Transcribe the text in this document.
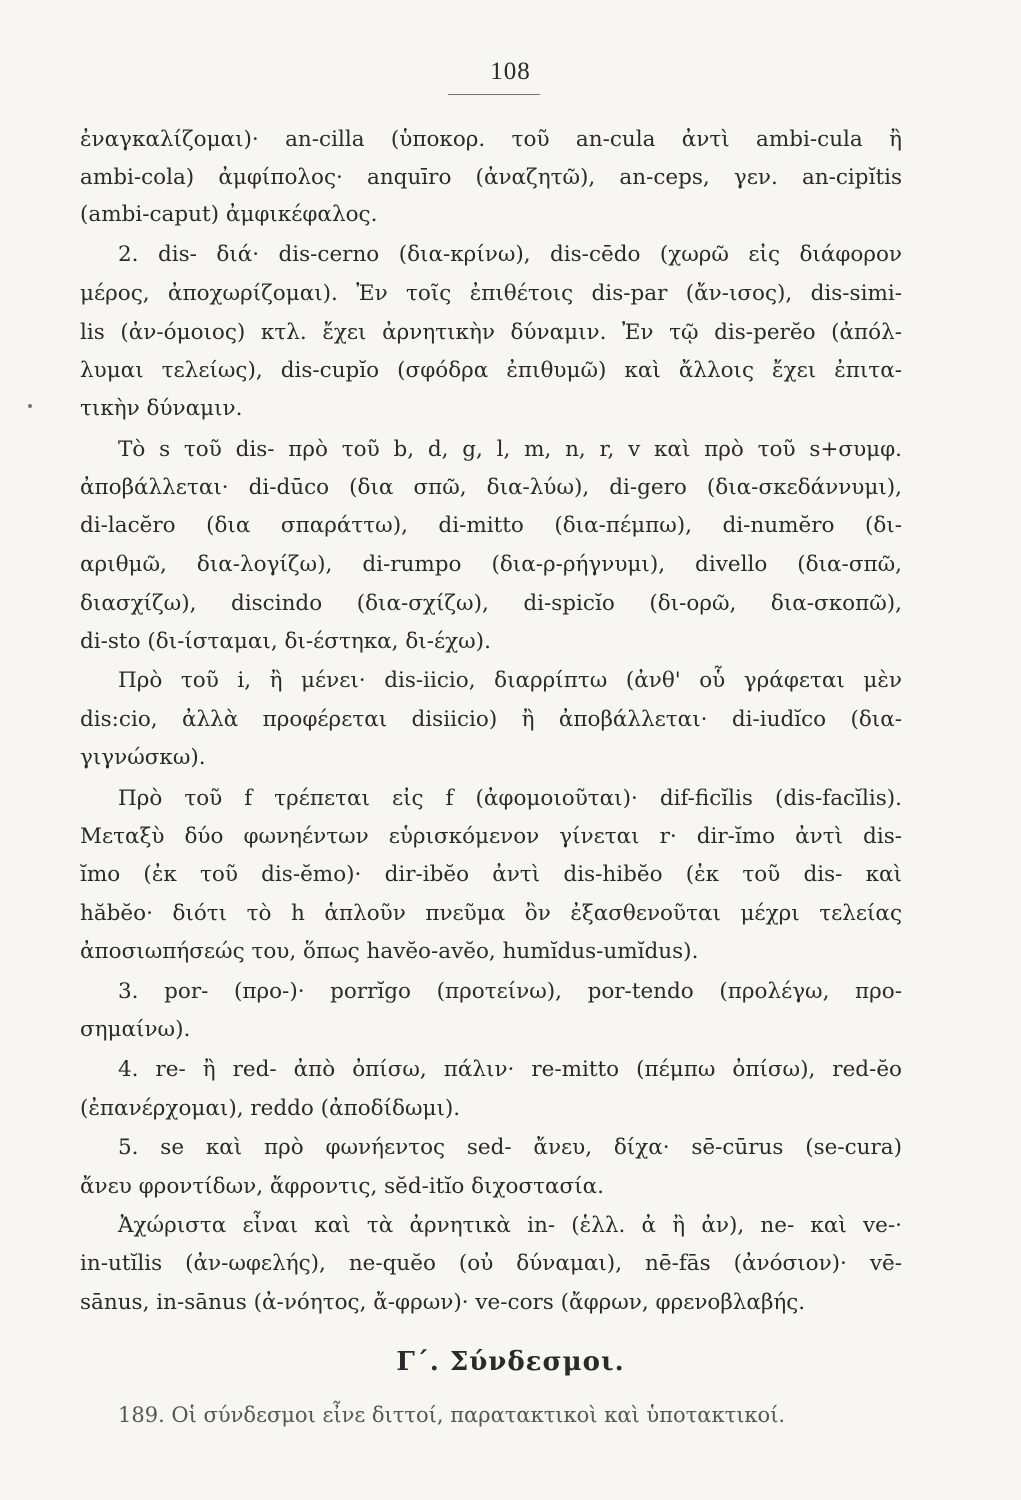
108
ἐναγκαλίζομαι)· an-cilla (ὑποκορ. τοῦ an-cula ἀντὶ ambi-cula ἢ
ambi-cola) ἀμφίπολος· anquīro (ἀναζητῶ), an-ceps, γεν. an-cipĭtis
(ambi-caput) ἀμφικέφαλος.
2. dis- διά· dis-cerno (δια-κρίνω), dis-cēdo (χωρῶ εἰς διάφορον
μέρος, ἀποχωρίζομαι). Ἐν τοῖς ἐπιθέτοις dis-par (ἄν-ισος), dis-simi-
lis (ἀν-όμοιος) κτλ. ἔχει ἀρνητικὴν δύναμιν. Ἐν τῷ dis-perĕo (ἀπόλ-
λυμαι τελείως), dis-cupĭo (σφόδρα ἐπιθυμῶ) καὶ ἄλλοις ἔχει ἐπιτα-
τικὴν δύναμιν.
Τὸ s τοῦ dis- πρὸ τοῦ b, d, g, l, m, n, r, v καὶ πρὸ τοῦ s+συμφ.
ἀποβάλλεται· di-dūco (δια σπῶ, δια-λύω), di-gero (δια-σκεδάννυμι),
di-lacĕro (δια σπαράττω), di-mitto (δια-πέμπω), di-numĕro (δι-
αριθμῶ, δια-λογίζω), di-rumpo (δια-ρ-ρήγνυμι), divello (δια-σπῶ,
διασχίζω), discindo (δια-σχίζω), di-spicĭo (δι-ορῶ, δια-σκοπῶ),
di-sto (δι-ίσταμαι, δι-έστηκα, δι-έχω).
Πρὸ τοῦ i, ἢ μένει· dis-iicio, διαρρίπτω (ἀνθ' οὗ γράφεται μὲν
dis:cio, ἀλλὰ προφέρεται disiicio) ἢ ἀποβάλλεται· di-iudĭco (δια-
γιγνώσκω).
Πρὸ τοῦ f τρέπεται εἰς f (ἀφομοιοῦται)· dif-ficĭlis (dis-facĭlis).
Μεταξὺ δύο φωνηέντων εὑρισκόμενον γίνεται r· dir-ĭmo ἀντὶ dis-
ĭmo (ἐκ τοῦ dis-ĕmo)· dir-ibĕo ἀντὶ dis-hibĕo (ἐκ τοῦ dis- καὶ
hăbĕo· διότι τὸ h ἁπλοῦν πνεῦμα ὂν ἐξασθενοῦται μέχρι τελείας
ἀποσιωπήσεώς του, ὅπως havĕo-avĕo, humĭdus-umĭdus).
3. por- (προ-)· porrĭgo (προτείνω), por-tendo (προλέγω, προ-
σημαίνω).
4. re- ἢ red- ἀπὸ ὀπίσω, πάλιν· re-mitto (πέμπω ὀπίσω), red-ĕo
(ἐπανέρχομαι), reddo (ἀποδίδωμι).
5. se καὶ πρὸ φωνήεντος sed- ἄνευ, δίχα· sē-cūrus (se-cura)
ἄνευ φροντίδων, ἄφροντις, sĕd-itĭo διχοστασία.
Ἀχώριστα εἶναι καὶ τὰ ἀρνητικὰ in- (ἑλλ. ἀ ἢ ἀν), ne- καὶ ve-·
in-utĭlis (ἀν-ωφελής), ne-quĕo (οὐ δύναμαι), nē-fās (ἀνόσιον)· vē-
sānus, in-sānus (ἀ-νόητος, ἄ-φρων)· ve-cors (ἄφρων, φρενοβλαβής.
Γ΄. Σύνδεσμοι.
189. Οἱ σύνδεσμοι εἶνε διττοί, παρατακτικοὶ καὶ ὑποτακτικοί.
